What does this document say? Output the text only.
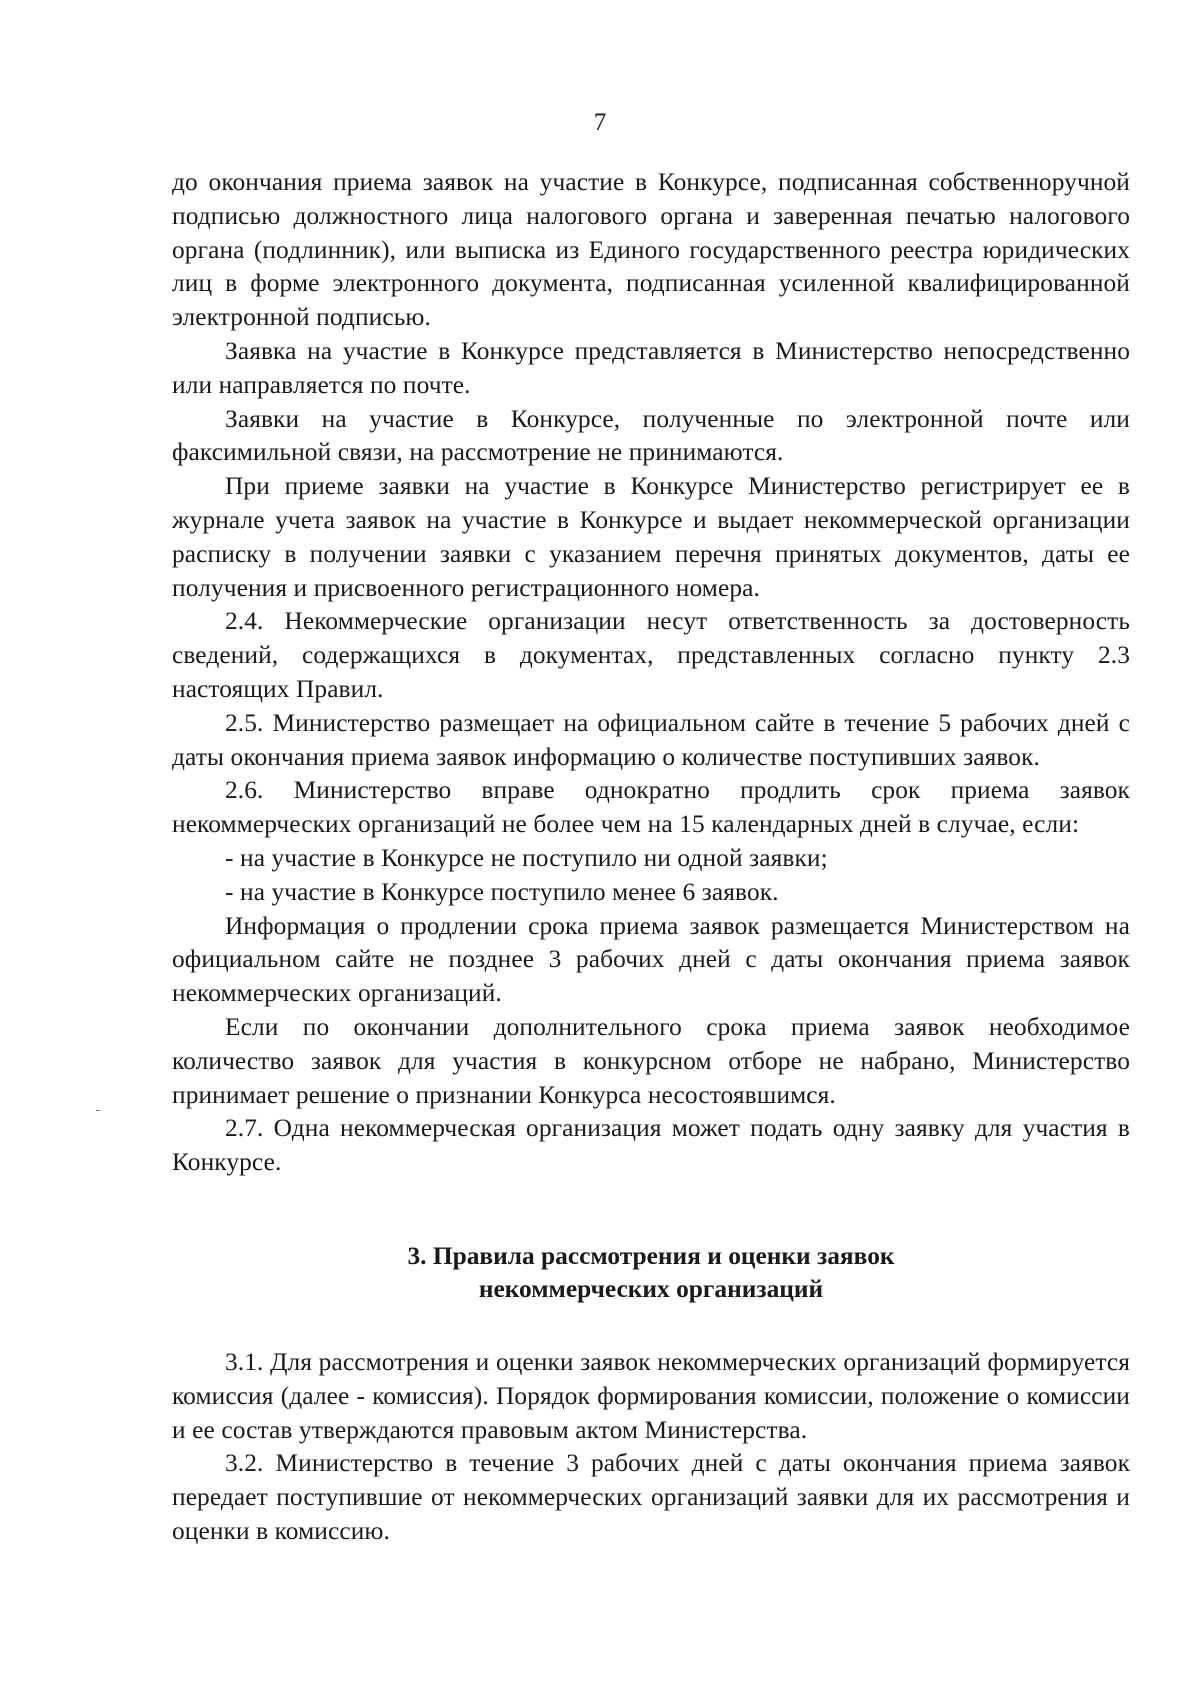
7

до окончания приема заявок на участие в Конкурсе, подписанная собственноручной подписью должностного лица налогового органа и заверенная печатью налогового органа (подлинник), или выписка из Единого государственного реестра юридических лиц в форме электронного документа, подписанная усиленной квалифицированной электронной подписью.

Заявка на участие в Конкурсе представляется в Министерство непосредственно или направляется по почте.

Заявки на участие в Конкурсе, полученные по электронной почте или факсимильной связи, на рассмотрение не принимаются.

При приеме заявки на участие в Конкурсе Министерство регистрирует ее в журнале учета заявок на участие в Конкурсе и выдает некоммерческой организации расписку в получении заявки с указанием перечня принятых документов, даты ее получения и присвоенного регистрационного номера.

2.4. Некоммерческие организации несут ответственность за достоверность сведений, содержащихся в документах, представленных согласно пункту 2.3 настоящих Правил.

2.5. Министерство размещает на официальном сайте в течение 5 рабочих дней с даты окончания приема заявок информацию о количестве поступивших заявок.

2.6. Министерство вправе однократно продлить срок приема заявок некоммерческих организаций не более чем на 15 календарных дней в случае, если:

- на участие в Конкурсе не поступило ни одной заявки;

- на участие в Конкурсе поступило менее 6 заявок.

Информация о продлении срока приема заявок размещается Министерством на официальном сайте не позднее 3 рабочих дней с даты окончания приема заявок некоммерческих организаций.

Если по окончании дополнительного срока приема заявок необходимое количество заявок для участия в конкурсном отборе не набрано, Министерство принимает решение о признании Конкурса несостоявшимся.

2.7. Одна некоммерческая организация может подать одну заявку для участия в Конкурсе.

3. Правила рассмотрения и оценки заявок
некоммерческих организаций

3.1. Для рассмотрения и оценки заявок некоммерческих организаций формируется комиссия (далее - комиссия). Порядок формирования комиссии, положение о комиссии и ее состав утверждаются правовым актом Министерства.

3.2. Министерство в течение 3 рабочих дней с даты окончания приема заявок передает поступившие от некоммерческих организаций заявки для их рассмотрения и оценки в комиссию.
